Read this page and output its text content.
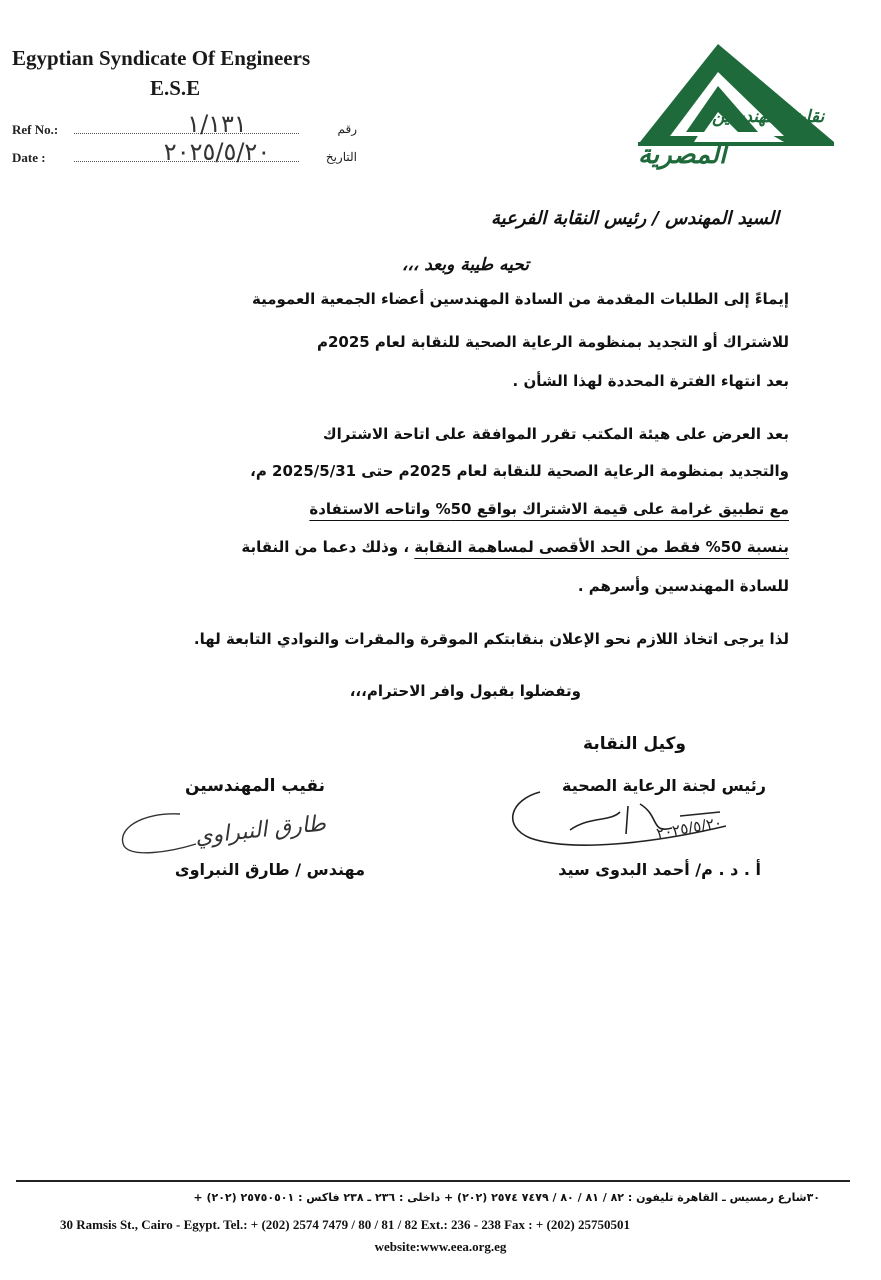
Egyptian Syndicate Of Engineers
E.S.E
Ref No.:	١/١٣١	رقم
Date :	٢٠٢٥/٥/٢٠	التاريخ
نقابة المهندسين
المصرية
السيد المهندس / رئيس النقابة الفرعية
تحيه طيبة وبعد ،،،
إيماءً إلى الطلبات المقدمة من السادة المهندسين أعضاء الجمعية العمومية
للاشتراك أو التجديد بمنظومة الرعاية الصحية للنقابة لعام 2025م
بعد انتهاء الفترة المحددة لهذا الشأن .
بعد العرض على هيئة المكتب تقرر الموافقة على اتاحة الاشتراك
والتجديد بمنظومة الرعاية الصحية للنقابة لعام 2025م حتى 2025/5/31 م،
مع تطبيق غرامة على قيمة الاشتراك بواقع 50% واتاحه الاستفادة
بنسبة 50% فقط من الحد الأقصى لمساهمة النقابة ، وذلك دعما من النقابة
للسادة المهندسين وأسرهم .
لذا يرجى اتخاذ اللازم نحو الإعلان بنقابتكم الموقرة والمقرات والنوادي التابعة لها.
وتفضلوا بقبول وافر الاحترام،،،
وكيل النقابة
رئيس لجنة الرعاية الصحية
٢٠٢٥/٥/٢٠
أ . د . م/ أحمد البدوى سيد
نقيب المهندسين
طارق النبراوي
مهندس / طارق النبراوى
٣٠شارع رمسيس ـ القاهرة تليفون : ٨٢ / ٨١ / ٨٠ / ٧٤٧٩ ٢٥٧٤ (٢٠٢) + داخلى : ٢٣٦ ـ ٢٣٨ فاكس : ٢٥٧٥٠٥٠١ (٢٠٢) +
30 Ramsis St., Cairo - Egypt. Tel.: + (202) 2574 7479 / 80 / 81 / 82 Ext.: 236 - 238 Fax : + (202) 25750501
website:www.eea.org.eg
